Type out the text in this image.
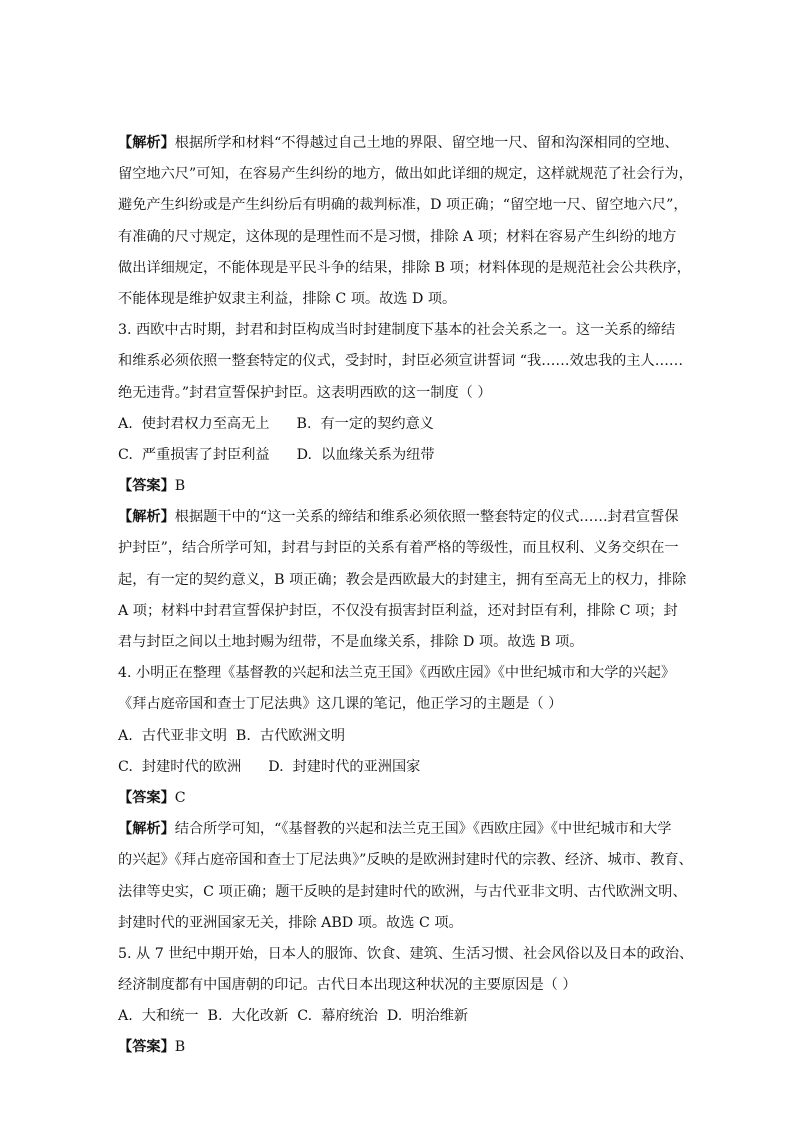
【解析】根据所学和材料“不得越过自己土地的界限、留空地一尺、留和沟深相同的空地、
留空地六尺”可知，在容易产生纠纷的地方，做出如此详细的规定，这样就规范了社会行为，
避免产生纠纷或是产生纠纷后有明确的裁判标准，D 项正确；“留空地一尺、留空地六尺”，
有准确的尺寸规定，这体现的是理性而不是习惯，排除 A 项；材料在容易产生纠纷的地方
做出详细规定，不能体现是平民斗争的结果，排除 B 项；材料体现的是规范社会公共秩序，
不能体现是维护奴隶主利益，排除 C 项。故选 D 项。
3. 西欧中古时期，封君和封臣构成当时封建制度下基本的社会关系之一。这一关系的缔结
和维系必须依照一整套特定的仪式，受封时，封臣必须宣讲誓词 “我……效忠我的主人……
绝无违背。”封君宣誓保护封臣。这表明西欧的这一制度（ ）
A.  使封君权力至高无上      B.  有一定的契约意义
C.  严重损害了封臣利益      D.  以血缘关系为纽带
【答案】B
【解析】根据题干中的“这一关系的缔结和维系必须依照一整套特定的仪式……封君宣誓保
护封臣”，结合所学可知，封君与封臣的关系有着严格的等级性，而且权利、义务交织在一
起，有一定的契约意义，B 项正确；教会是西欧最大的封建主，拥有至高无上的权力，排除
A 项；材料中封君宣誓保护封臣，不仅没有损害封臣利益，还对封臣有利，排除 C 项；封
君与封臣之间以土地封赐为纽带，不是血缘关系，排除 D 项。故选 B 项。
4. 小明正在整理《基督教的兴起和法兰克王国》《西欧庄园》《中世纪城市和大学的兴起》
《拜占庭帝国和查士丁尼法典》这几课的笔记，他正学习的主题是（ ）
A.  古代亚非文明  B.  古代欧洲文明
C.  封建时代的欧洲      D.  封建时代的亚洲国家
【答案】C
【解析】结合所学可知，“《基督教的兴起和法兰克王国》《西欧庄园》《中世纪城市和大学
的兴起》《拜占庭帝国和查士丁尼法典》”反映的是欧洲封建时代的宗教、经济、城市、教育、
法律等史实，C 项正确；题干反映的是封建时代的欧洲，与古代亚非文明、古代欧洲文明、
封建时代的亚洲国家无关，排除 ABD 项。故选 C 项。
5. 从 7 世纪中期开始，日本人的服饰、饮食、建筑、生活习惯、社会风俗以及日本的政治、
经济制度都有中国唐朝的印记。古代日本出现这种状况的主要原因是（ ）
A.  大和统一  B.  大化改新  C.  幕府统治  D.  明治维新
【答案】B
